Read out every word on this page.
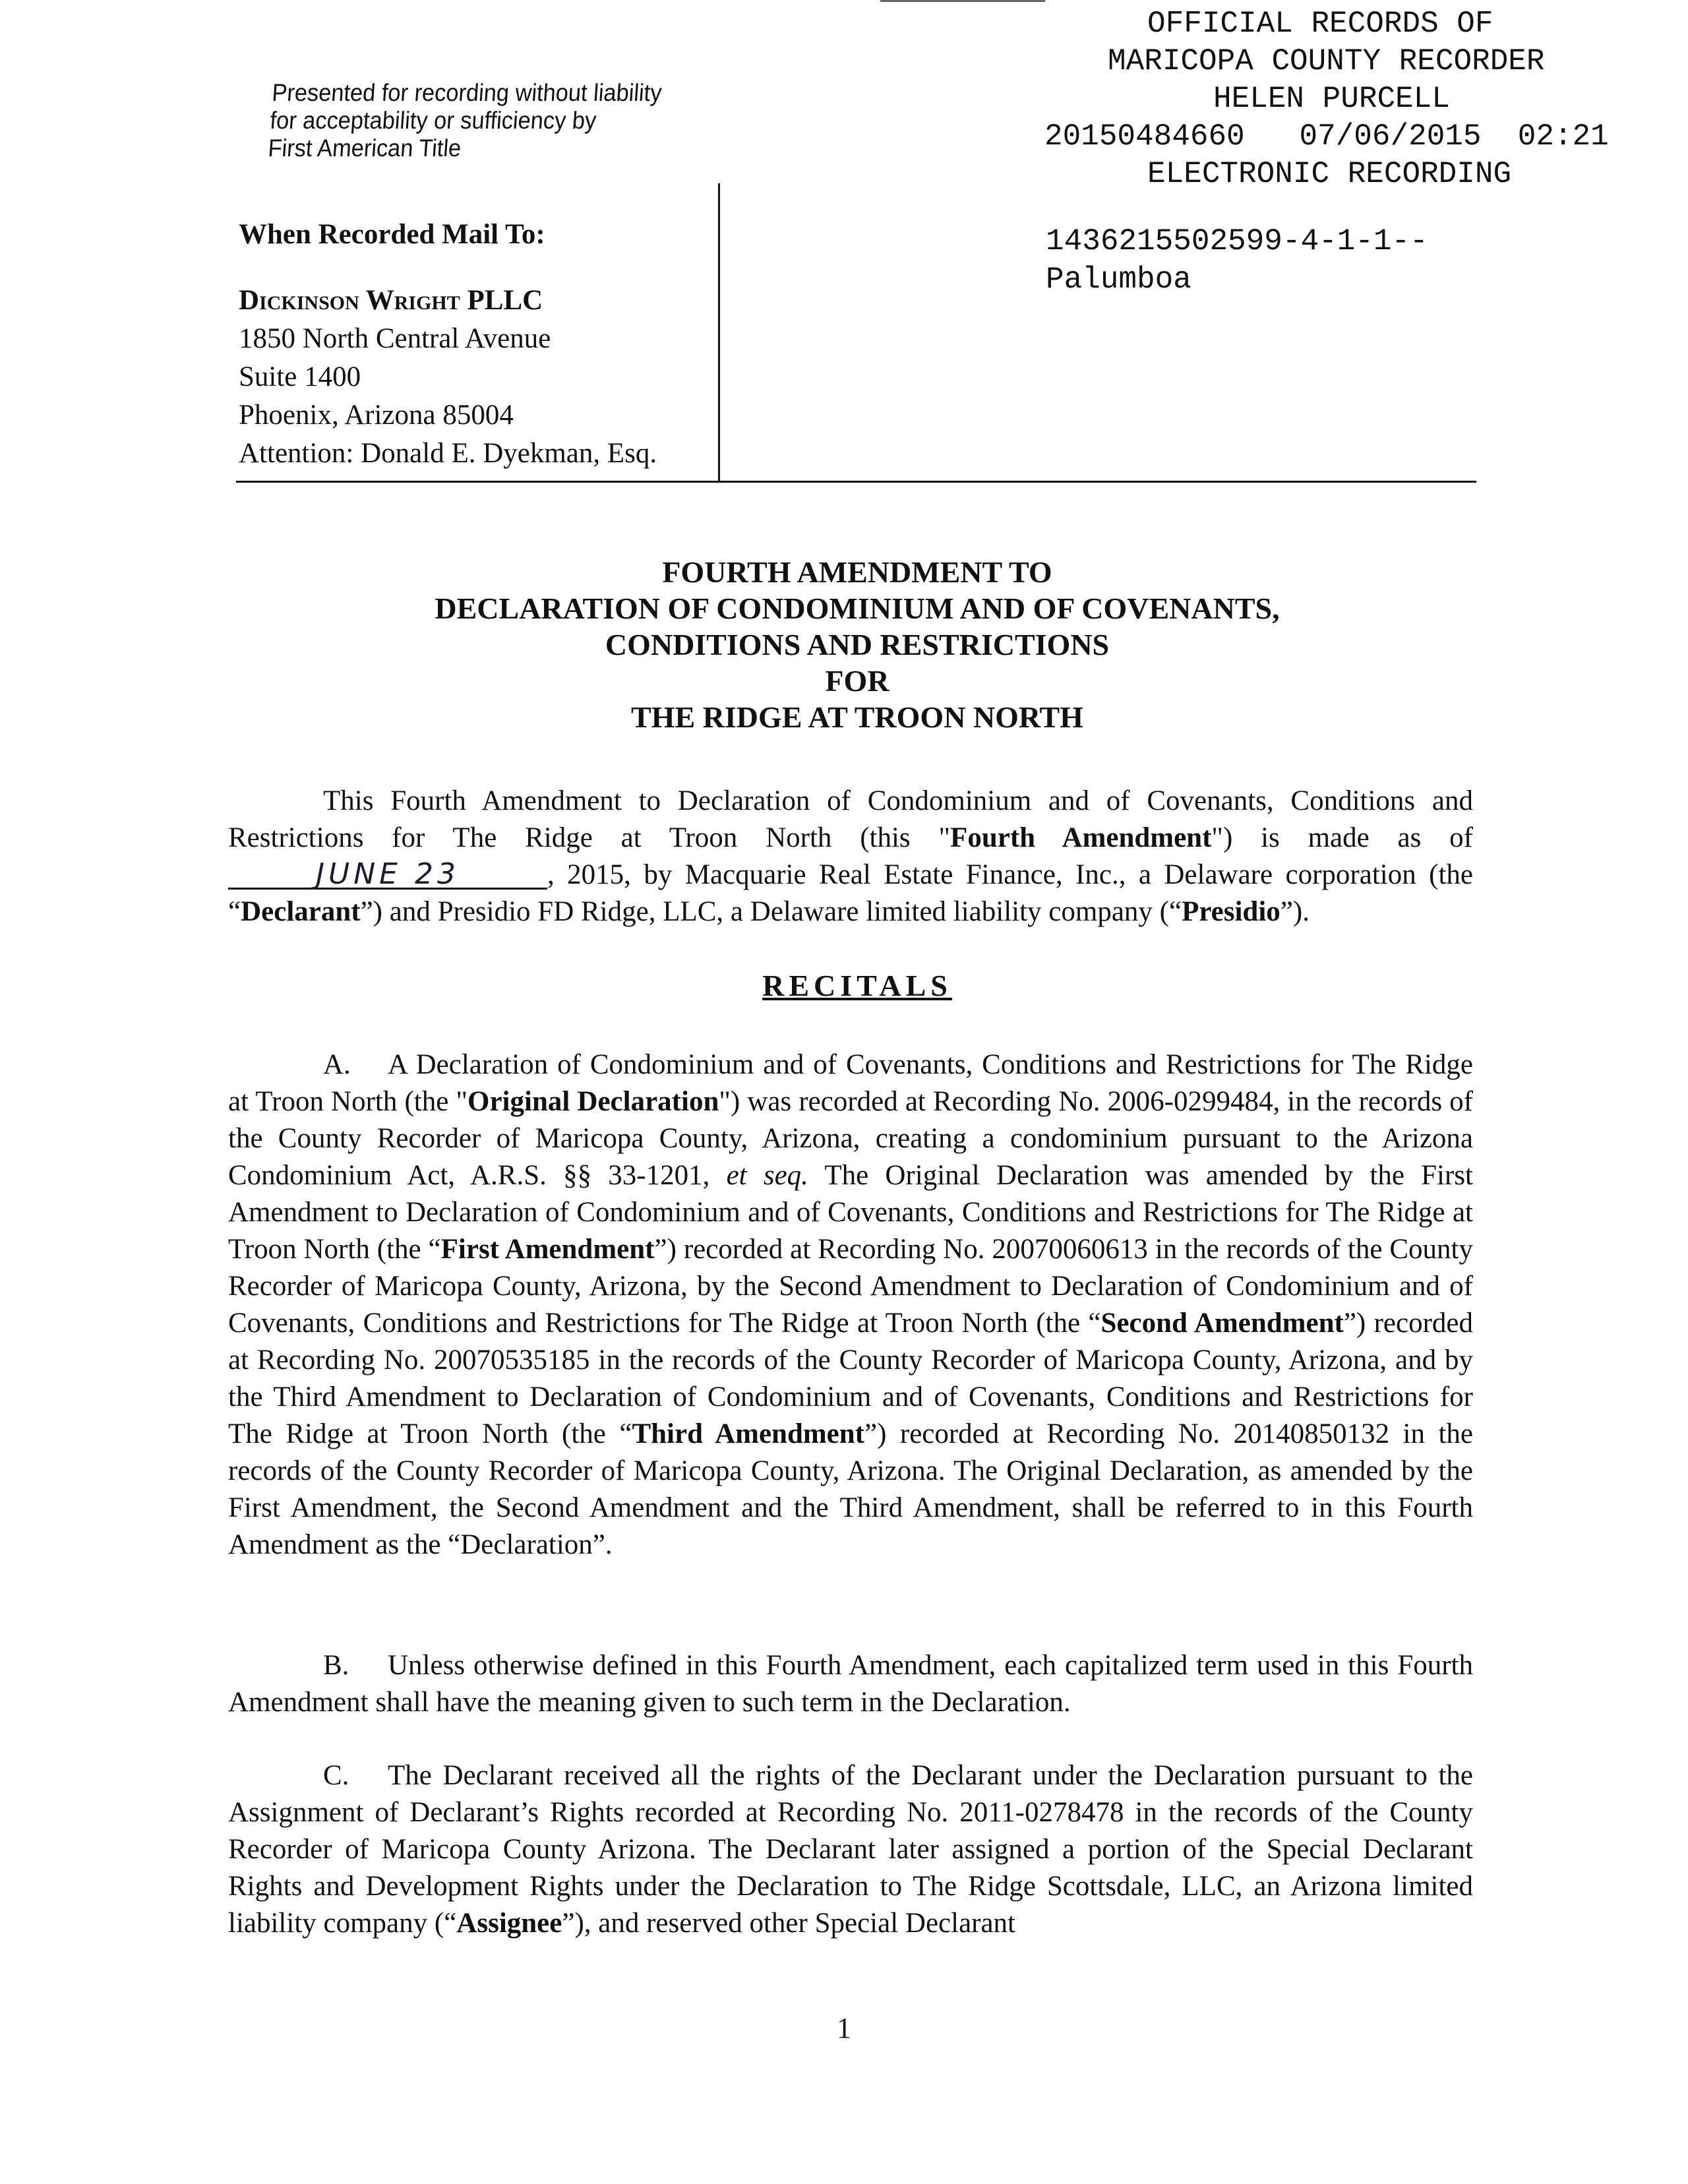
Presented for recording without liability
for acceptability or sufficiency by
First American Title
OFFICIAL RECORDS OF
MARICOPA COUNTY RECORDER
HELEN PURCELL
20150484660   07/06/2015  02:21
ELECTRONIC RECORDING
1436215502599-4-1-1--
Palumboa
When Recorded Mail To:
Dickinson Wright PLLC
1850 North Central Avenue
Suite 1400
Phoenix, Arizona 85004
Attention: Donald E. Dyekman, Esq.
FOURTH AMENDMENT TO
DECLARATION OF CONDOMINIUM AND OF COVENANTS,
CONDITIONS AND RESTRICTIONS
FOR
THE RIDGE AT TROON NORTH
This Fourth Amendment to Declaration of Condominium and of Covenants, Conditions and Restrictions for The Ridge at Troon North (this "Fourth Amendment") is made as of JUNE 23	, 2015, by Macquarie Real Estate Finance, Inc., a Delaware corporation (the “Declarant”) and Presidio FD Ridge, LLC, a Delaware limited liability company (“Presidio”).
RECITALS
A. A Declaration of Condominium and of Covenants, Conditions and Restrictions for The Ridge at Troon North (the "Original Declaration") was recorded at Recording No. 2006-0299484, in the records of the County Recorder of Maricopa County, Arizona, creating a condominium pursuant to the Arizona Condominium Act, A.R.S. §§ 33-1201, et seq. The Original Declaration was amended by the First Amendment to Declaration of Condominium and of Covenants, Conditions and Restrictions for The Ridge at Troon North (the “First Amendment”) recorded at Recording No. 20070060613 in the records of the County Recorder of Maricopa County, Arizona, by the Second Amendment to Declaration of Condominium and of Covenants, Conditions and Restrictions for The Ridge at Troon North (the “Second Amendment”) recorded at Recording No. 20070535185 in the records of the County Recorder of Maricopa County, Arizona, and by the Third Amendment to Declaration of Condominium and of Covenants, Conditions and Restrictions for The Ridge at Troon North (the “Third Amendment”) recorded at Recording No. 20140850132 in the records of the County Recorder of Maricopa County, Arizona. The Original Declaration, as amended by the First Amendment, the Second Amendment and the Third Amendment, shall be referred to in this Fourth Amendment as the “Declaration”.
B. Unless otherwise defined in this Fourth Amendment, each capitalized term used in this Fourth Amendment shall have the meaning given to such term in the Declaration.
C. The Declarant received all the rights of the Declarant under the Declaration pursuant to the Assignment of Declarant’s Rights recorded at Recording No. 2011-0278478 in the records of the County Recorder of Maricopa County Arizona. The Declarant later assigned a portion of the Special Declarant Rights and Development Rights under the Declaration to The Ridge Scottsdale, LLC, an Arizona limited liability company (“Assignee”), and reserved other Special Declarant
1
